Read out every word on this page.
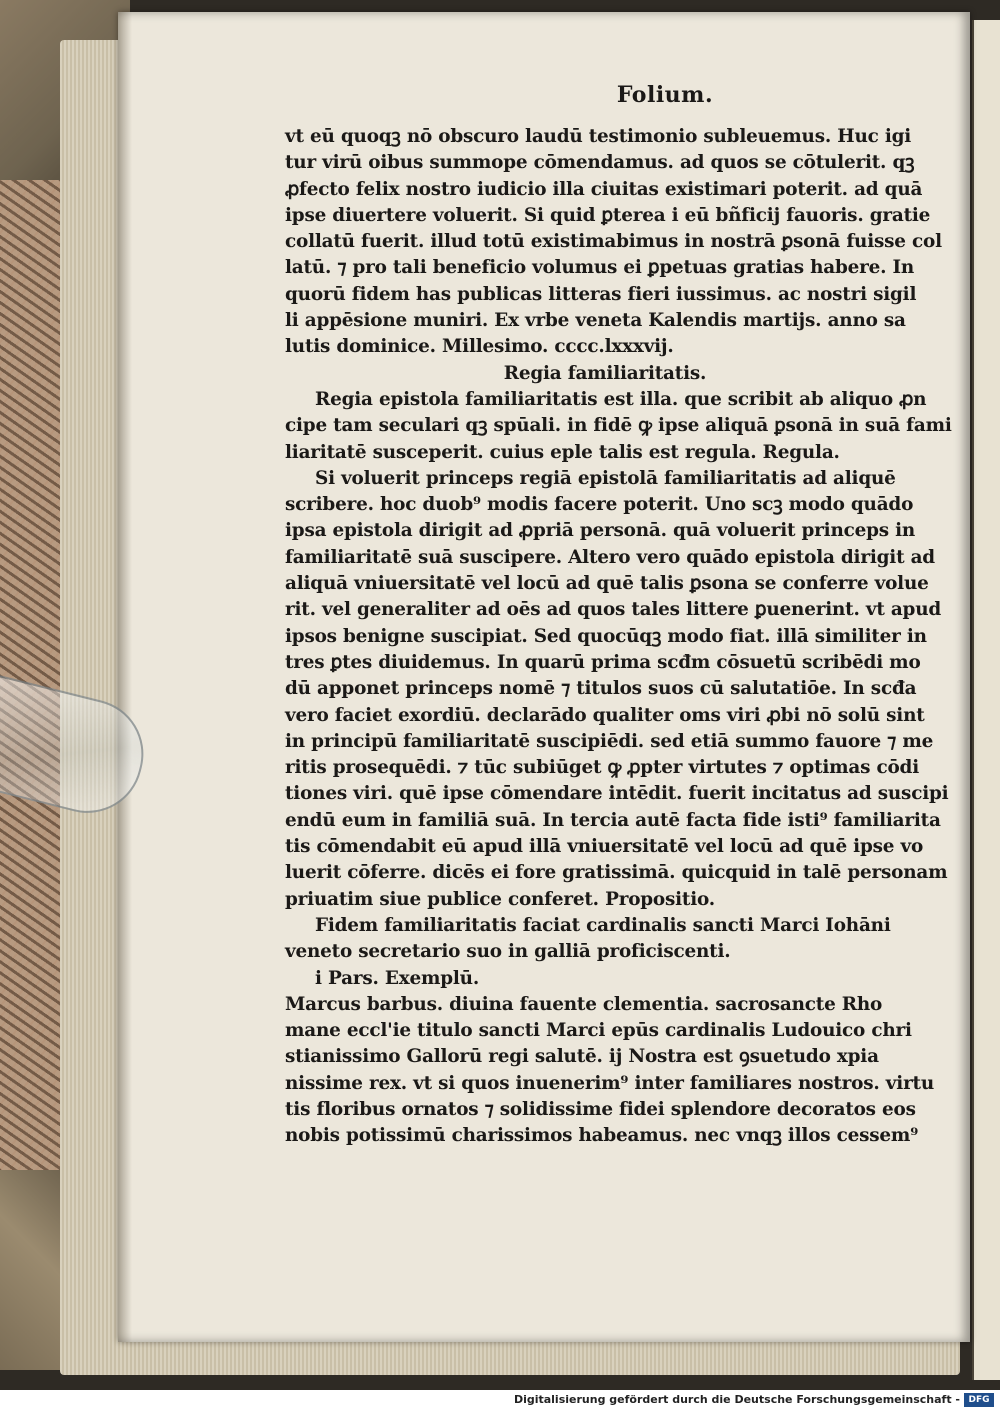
Folium.
vt eū quoqꝫ nō obscuro laudū testimonio subleuemus. Huc igi
tur virū oibus summope cōmendamus. ad quos se cōtulerit. qꝫ
ꝓfecto felix nostro iudicio illa ciuitas existimari poterit. ad quā
ipse diuertere voluerit. Si quid ꝑterea i eū bñficij fauoris. gratie
collatū fuerit. illud totū existimabimus in nostrā ꝑsonā fuisse col
latū. ⁊ pro tali beneficio volumus ei ꝑpetuas gratias habere. In
quorū fidem has publicas litteras fieri iussimus. ac nostri sigil
li appēsione muniri. Ex vrbe veneta Kalendis martijs. anno sa
lutis dominice. Millesimo. cccc.lxxxvij.
Regia familiaritatis.
Regia epistola familiaritatis est illa. que scribit ab aliquo ꝓn
cipe tam seculari qꝫ spūali. in fidē ꝙ ipse aliquā ꝑsonā in suā fami
liaritatē susceperit. cuius eple talis est regula. Regula.
Si voluerit princeps regiā epistolā familiaritatis ad aliquē
scribere. hoc duob⁹ modis facere poterit. Uno scꝫ modo quādo
ipsa epistola dirigit ad ꝓpriā personā. quā voluerit princeps in
familiaritatē suā suscipere. Altero vero quādo epistola dirigit ad
aliquā vniuersitatē vel locū ad quē talis ꝑsona se conferre volue
rit. vel generaliter ad oēs ad quos tales littere ꝑuenerint. vt apud
ipsos benigne suscipiat. Sed quocūqꝫ modo fiat. illā similiter in
tres ꝑtes diuidemus. In quarū prima scđm cōsuetū scribēdi mo
dū apponet princeps nomē ⁊ titulos suos cū salutatiōe. In scđa
vero faciet exordiū. declarādo qualiter oms viri ꝓbi nō solū sint
in principū familiaritatē suscipiēdi. sed etiā summo fauore ⁊ me
ritis prosequēdi. ⁊ tūc subiūget ꝙ ꝓpter virtutes ⁊ optimas cōdi
tiones viri. quē ipse cōmendare intēdit. fuerit incitatus ad suscipi
endū eum in familiā suā. In tercia autē facta fide isti⁹ familiarita
tis cōmendabit eū apud illā vniuersitatē vel locū ad quē ipse vo
luerit cōferre. dicēs ei fore gratissimā. quicquid in talē personam
priuatim siue publice conferet. Propositio.
Fidem familiaritatis faciat cardinalis sancti Marci Iohāni
veneto secretario suo in galliā proficiscenti.
i Pars. Exemplū.
Marcus barbus. diuina fauente clementia. sacrosancte Rho
mane eccl'ie titulo sancti Marci epūs cardinalis Ludouico chri
stianissimo Gallorū regi salutē. ij Nostra est ꝯsuetudo xpia
nissime rex. vt si quos inuenerim⁹ inter familiares nostros. virtu
tis floribus ornatos ⁊ solidissime fidei splendore decoratos eos
nobis potissimū charissimos habeamus. nec vnqꝫ illos cessem⁹
Digitalisierung gefördert durch die Deutsche Forschungsgemeinschaft - DFG
